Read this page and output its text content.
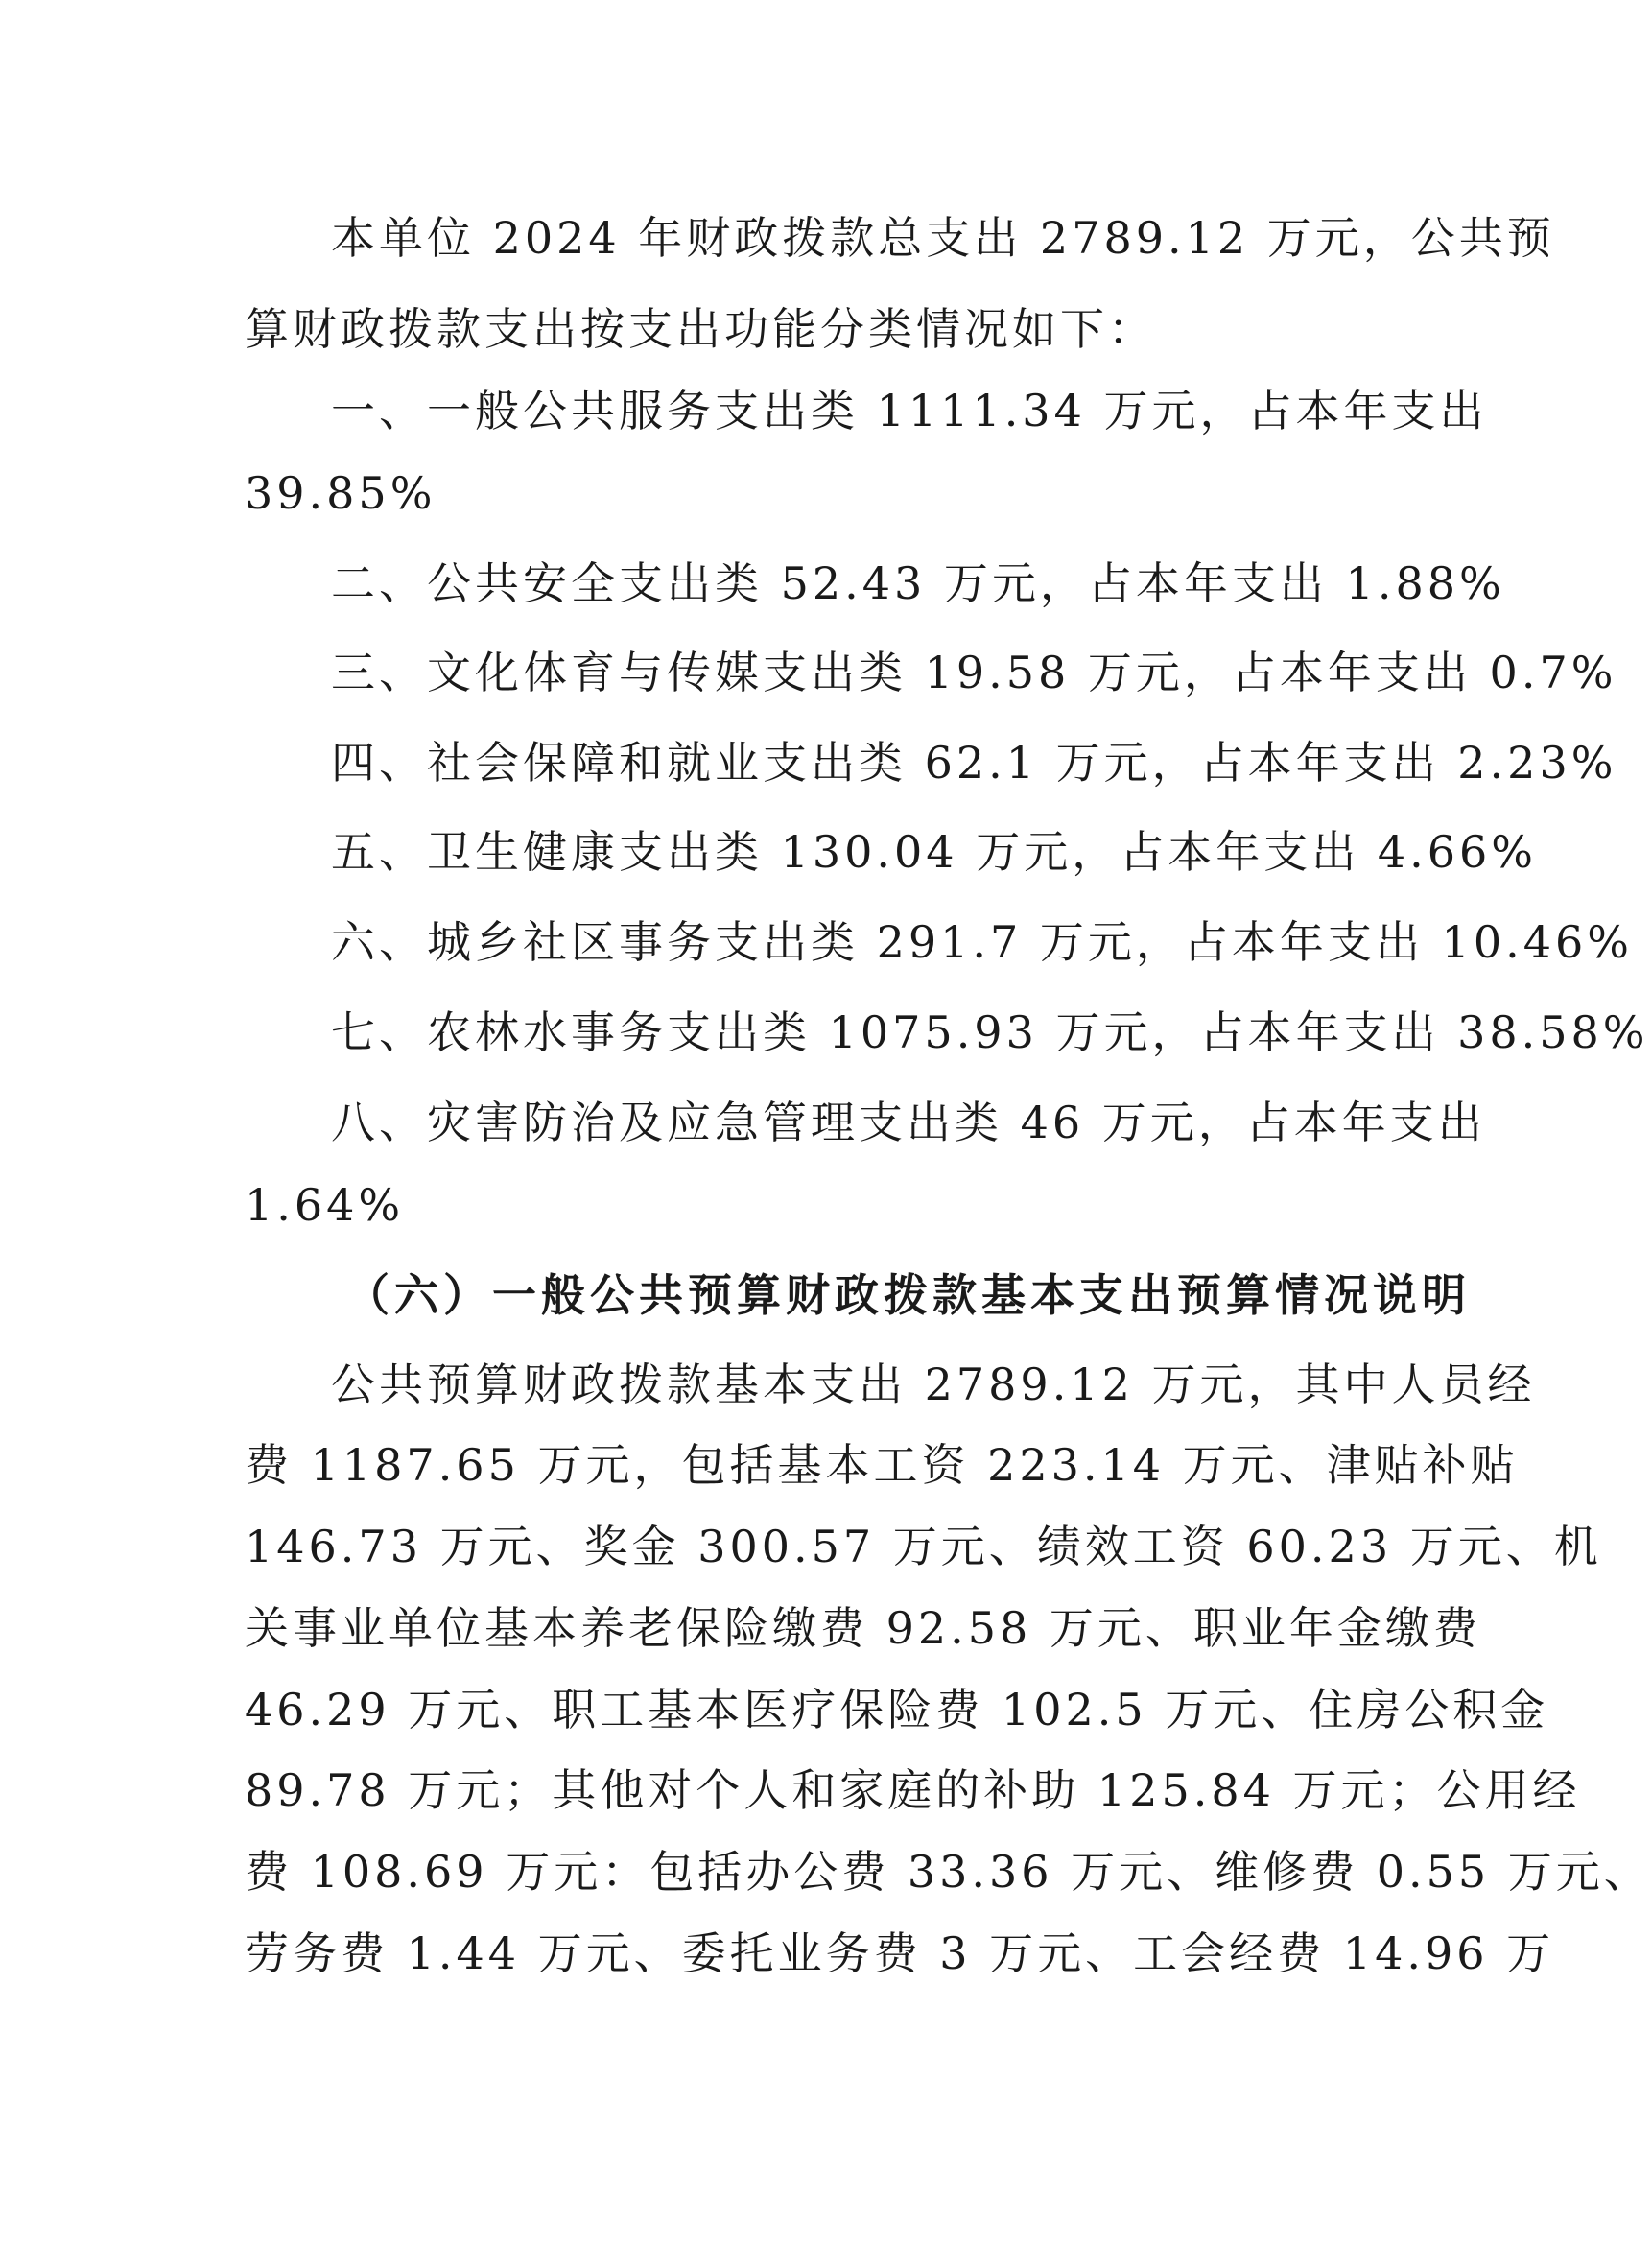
本单位 2024 年财政拨款总支出 2789.12 万元，公共预
算财政拨款支出按支出功能分类情况如下：
一、一般公共服务支出类 1111.34 万元，占本年支出
39.85%
二、公共安全支出类 52.43 万元，占本年支出 1.88%
三、文化体育与传媒支出类 19.58 万元，占本年支出 0.7%
四、社会保障和就业支出类 62.1 万元，占本年支出 2.23%
五、卫生健康支出类 130.04 万元，占本年支出 4.66%
六、城乡社区事务支出类 291.7 万元，占本年支出 10.46%
七、农林水事务支出类 1075.93 万元，占本年支出 38.58%
八、灾害防治及应急管理支出类 46 万元，占本年支出
1.64%
（六）一般公共预算财政拨款基本支出预算情况说明
公共预算财政拨款基本支出 2789.12 万元，其中人员经
费 1187.65 万元，包括基本工资 223.14 万元、津贴补贴
146.73 万元、奖金 300.57 万元、绩效工资 60.23 万元、机
关事业单位基本养老保险缴费 92.58 万元、职业年金缴费
46.29 万元、职工基本医疗保险费 102.5 万元、住房公积金
89.78 万元；其他对个人和家庭的补助 125.84 万元；公用经
费 108.69 万元：包括办公费 33.36 万元、维修费 0.55 万元、
劳务费 1.44 万元、委托业务费 3 万元、工会经费 14.96 万
